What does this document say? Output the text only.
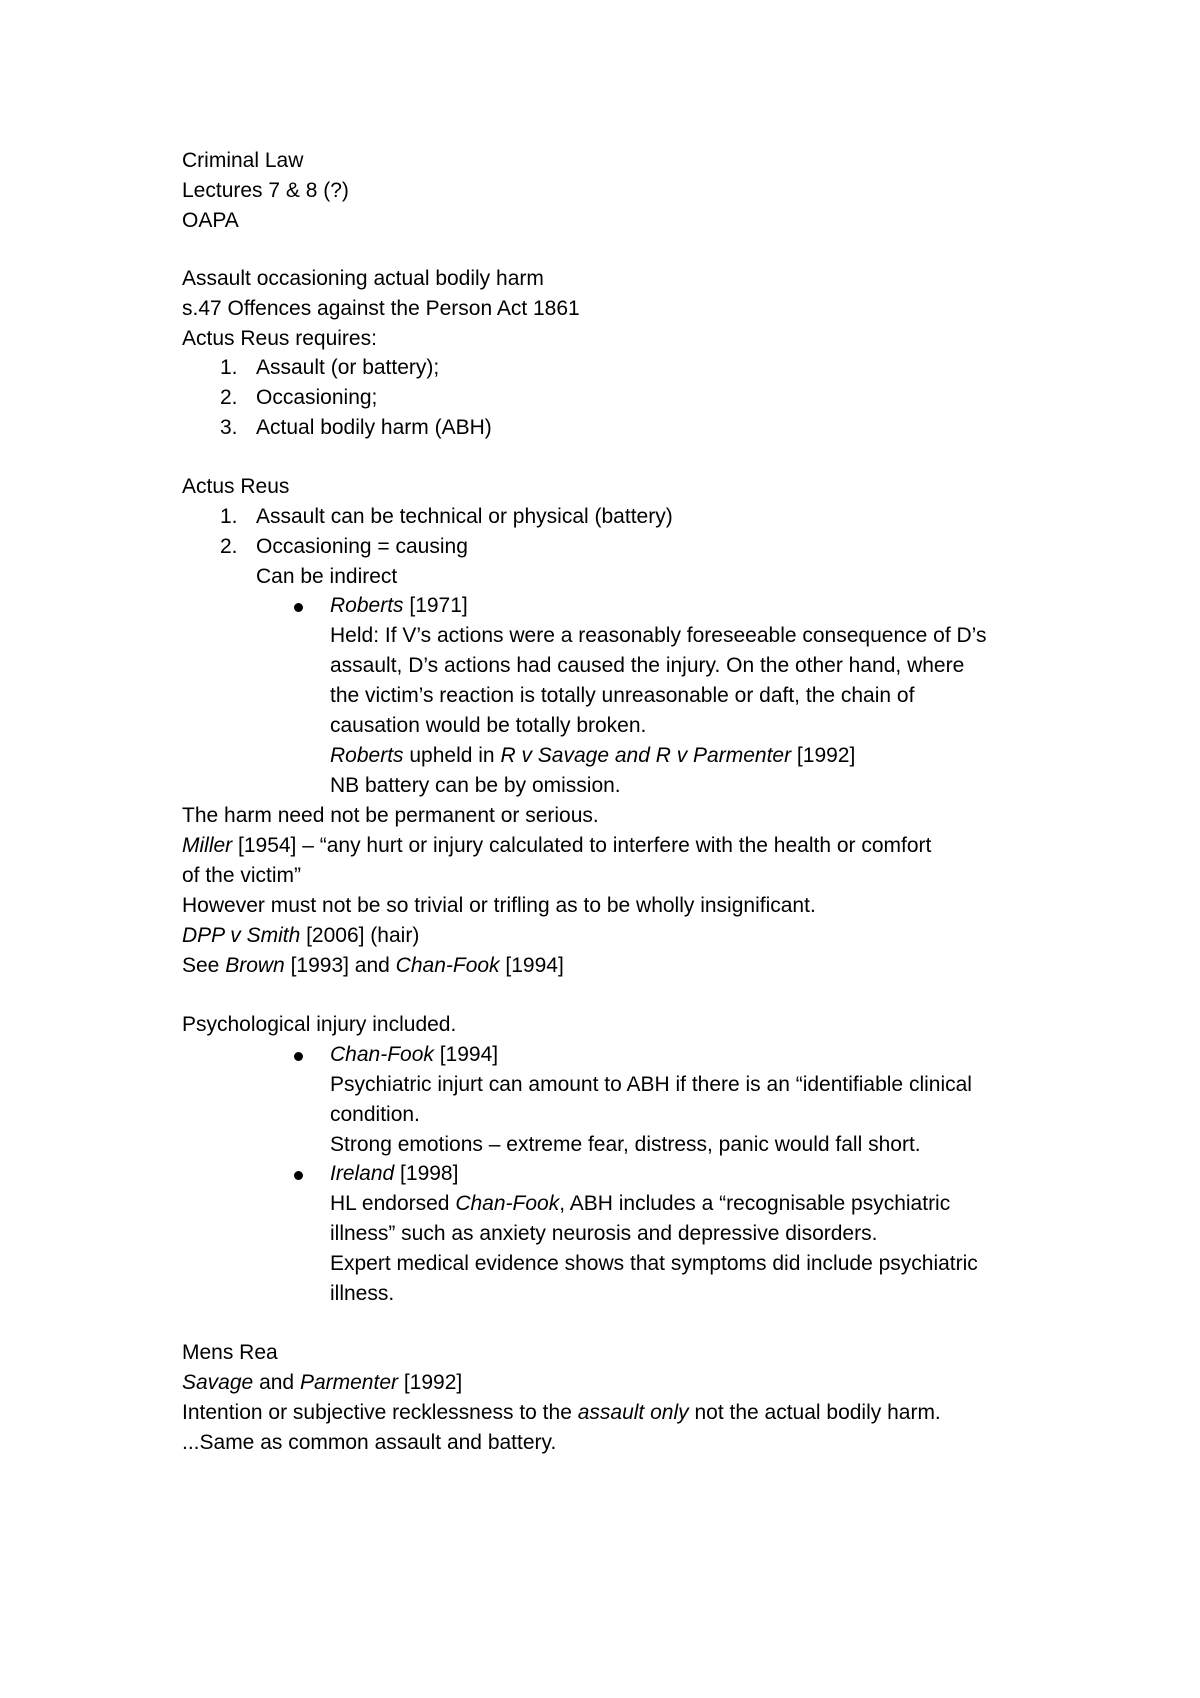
Criminal Law
Lectures 7 & 8 (?)
OAPA
Assault occasioning actual bodily harm
s.47 Offences against the Person Act 1861
Actus Reus requires:
1. Assault (or battery);
2. Occasioning;
3. Actual bodily harm (ABH)
Actus Reus
1. Assault can be technical or physical (battery)
2. Occasioning = causing
Can be indirect
Roberts [1971]
Held: If V’s actions were a reasonably foreseeable consequence of D’s
assault, D’s actions had caused the injury. On the other hand, where
the victim’s reaction is totally unreasonable or daft, the chain of
causation would be totally broken.
Roberts upheld in R v Savage and R v Parmenter [1992]
NB battery can be by omission.
The harm need not be permanent or serious.
Miller [1954] – “any hurt or injury calculated to interfere with the health or comfort
of the victim”
However must not be so trivial or trifling as to be wholly insignificant.
DPP v Smith [2006] (hair)
See Brown [1993] and Chan-Fook [1994]
Psychological injury included.
Chan-Fook [1994]
Psychiatric injurt can amount to ABH if there is an “identifiable clinical
condition.
Strong emotions – extreme fear, distress, panic would fall short.
Ireland [1998]
HL endorsed Chan-Fook, ABH includes a “recognisable psychiatric
illness” such as anxiety neurosis and depressive disorders.
Expert medical evidence shows that symptoms did include psychiatric
illness.
Mens Rea
Savage and Parmenter [1992]
Intention or subjective recklessness to the assault only not the actual bodily harm.
...Same as common assault and battery.
